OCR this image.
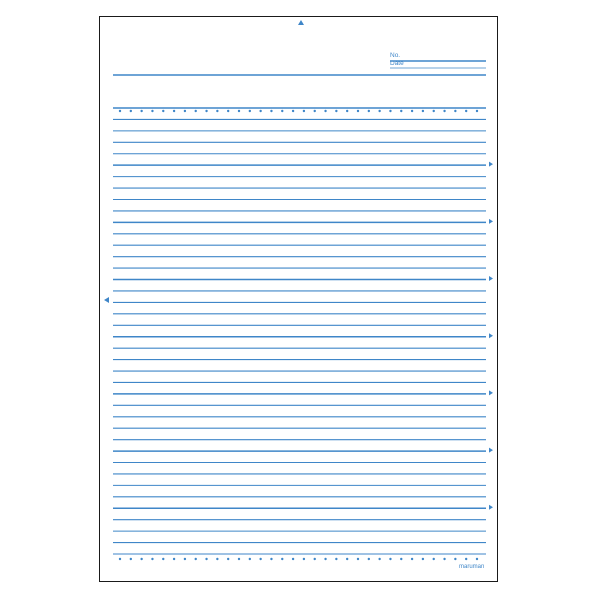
No.
Date
maruman
